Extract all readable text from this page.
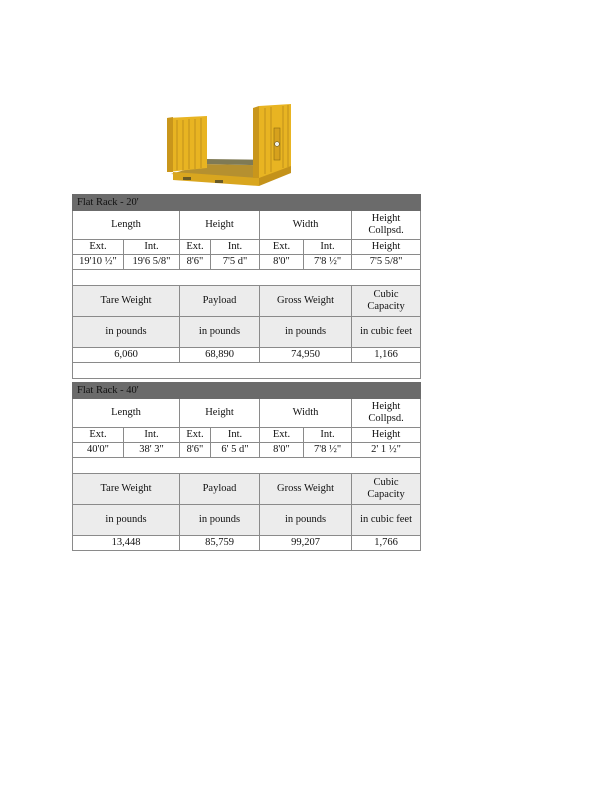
Flat Rack - 20'						
Length		Height		Width		Height Collpsd.
Ext.	Int.	Ext.	Int.	Ext.	Int.	Height
19'10 ½"	19'6 5/8"	8'6"	7'5 d"	8'0"	7'8 ½"	7'5 5/8"

Tare Weight		Payload		Gross Weight		Cubic Capacity
in pounds		in pounds		in pounds		in cubic feet
6,060		68,890		74,950		1,166

Flat Rack - 40'						
Length		Height		Width		Height Collpsd.
Ext.	Int.	Ext.	Int.	Ext.	Int.	Height
40'0"	38' 3"	8'6"	6' 5 d"	8'0"	7'8 ½"	2' 1 ½"

Tare Weight		Payload		Gross Weight		Cubic Capacity
in pounds		in pounds		in pounds		in cubic feet
13,448		85,759		99,207		1,766
